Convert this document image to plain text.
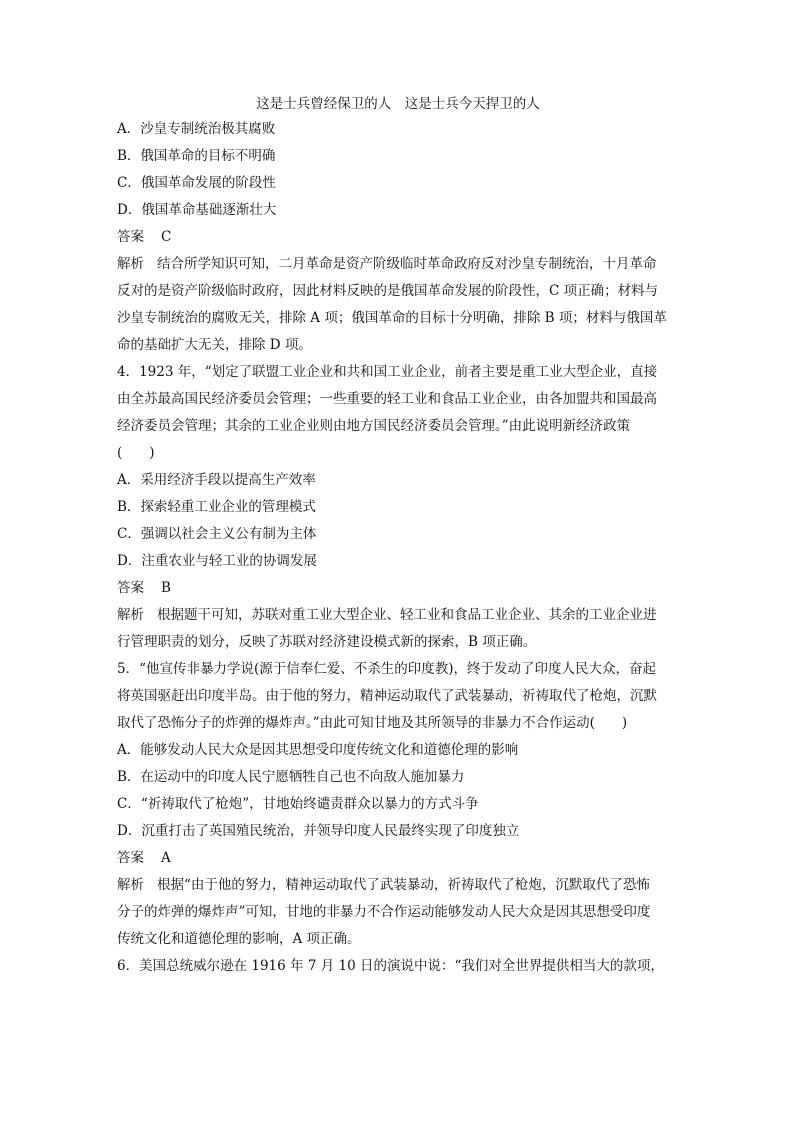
这是士兵曾经保卫的人　这是士兵今天捍卫的人
A．沙皇专制统治极其腐败
B．俄国革命的目标不明确
C．俄国革命发展的阶段性
D．俄国革命基础逐渐壮大
答案 C
解析 结合所学知识可知，二月革命是资产阶级临时革命政府反对沙皇专制统治，十月革命
反对的是资产阶级临时政府，因此材料反映的是俄国革命发展的阶段性，C 项正确；材料与
沙皇专制统治的腐败无关，排除 A 项；俄国革命的目标十分明确，排除 B 项；材料与俄国革
命的基础扩大无关，排除 D 项。
4．1923 年，“划定了联盟工业企业和共和国工业企业，前者主要是重工业大型企业，直接
由全苏最高国民经济委员会管理；一些重要的轻工业和食品工业企业，由各加盟共和国最高
经济委员会管理；其余的工业企业则由地方国民经济委员会管理。”由此说明新经济政策
(　　)
A．采用经济手段以提高生产效率
B．探索轻重工业企业的管理模式
C．强调以社会主义公有制为主体
D．注重农业与轻工业的协调发展
答案 B
解析 根据题干可知，苏联对重工业大型企业、轻工业和食品工业企业、其余的工业企业进
行管理职责的划分，反映了苏联对经济建设模式新的探索，B 项正确。
5．“他宣传非暴力学说(源于信奉仁爱、不杀生的印度教)，终于发动了印度人民大众，奋起
将英国驱赶出印度半岛。由于他的努力，精神运动取代了武装暴动，祈祷取代了枪炮，沉默
取代了恐怖分子的炸弹的爆炸声。”由此可知甘地及其所领导的非暴力不合作运动(　　)
A．能够发动人民大众是因其思想受印度传统文化和道德伦理的影响
B．在运动中的印度人民宁愿牺牲自己也不向敌人施加暴力
C．“祈祷取代了枪炮”，甘地始终谴责群众以暴力的方式斗争
D．沉重打击了英国殖民统治，并领导印度人民最终实现了印度独立
答案 A
解析 根据“由于他的努力，精神运动取代了武装暴动，祈祷取代了枪炮，沉默取代了恐怖
分子的炸弹的爆炸声”可知，甘地的非暴力不合作运动能够发动人民大众是因其思想受印度
传统文化和道德伦理的影响，A 项正确。
6．美国总统威尔逊在 1916 年 7 月 10 日的演说中说：“我们对全世界提供相当大的款项，
